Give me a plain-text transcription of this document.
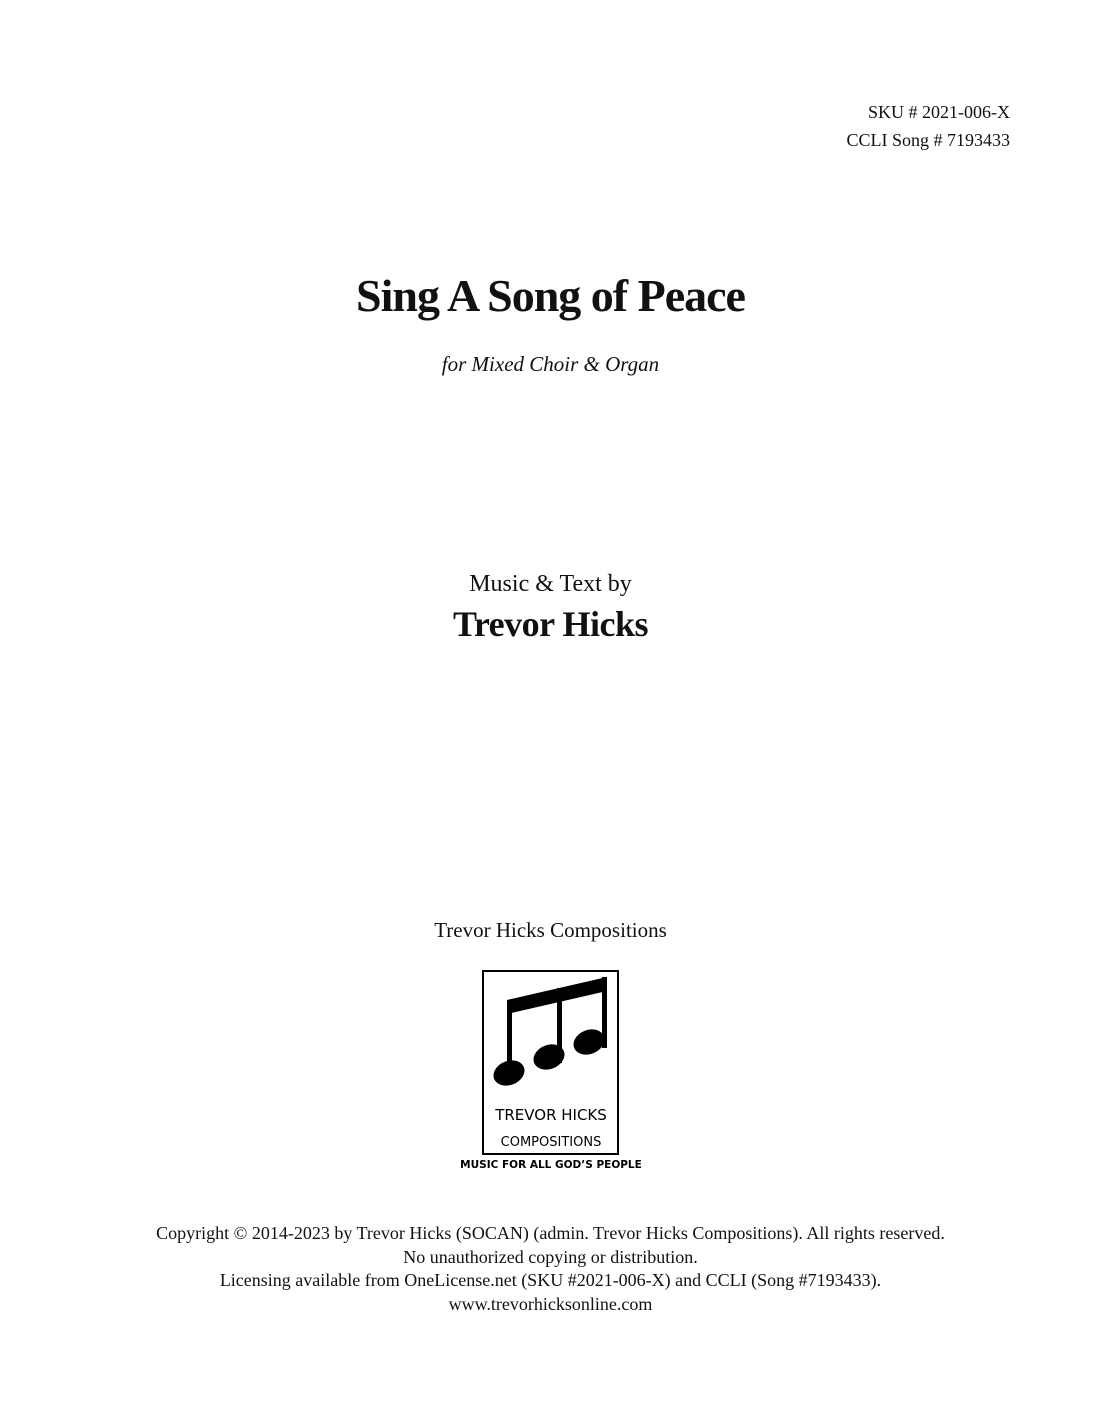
SKU # 2021-006-X
CCLI Song # 7193433
Sing A Song of Peace
for Mixed Choir & Organ
Music & Text by
Trevor Hicks
Trevor Hicks Compositions
TREVOR HICKS
COMPOSITIONS
MUSIC FOR ALL GOD’S PEOPLE
Copyright © 2014-2023 by Trevor Hicks (SOCAN) (admin. Trevor Hicks Compositions). All rights reserved.
No unauthorized copying or distribution.
Licensing available from OneLicense.net (SKU #2021-006-X) and CCLI (Song #7193433).
www.trevorhicksonline.com
